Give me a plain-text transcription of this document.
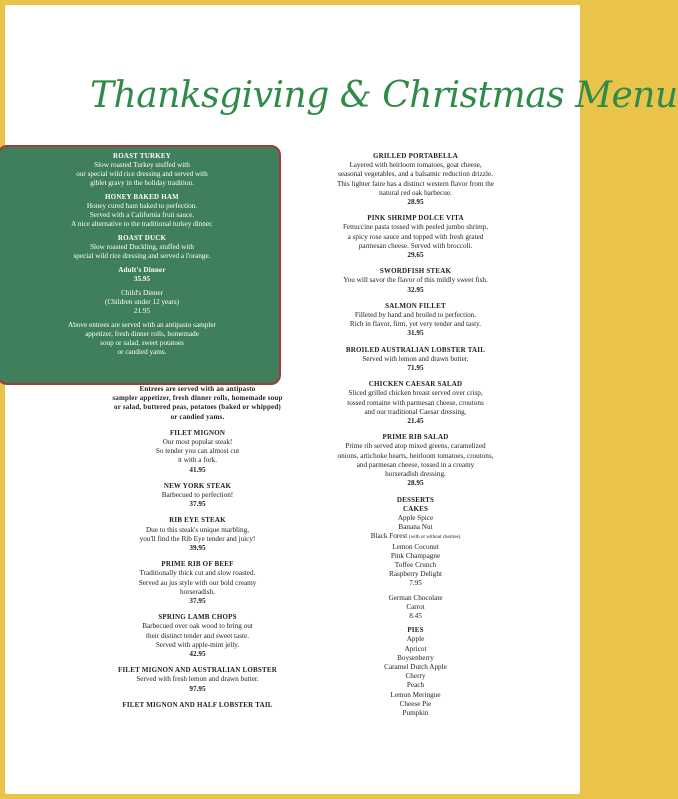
Thanksgiving & Christmas Menu
ROAST TURKEY
Slow roasted Turkey stuffed with
our special wild rice dressing and served with
giblet gravy in the holiday tradition.
HONEY BAKED HAM
Honey cured ham baked to perfection.
Served with a California fruit sauce.
A nice alternative to the traditional turkey dinner.
ROAST DUCK
Slow roasted Duckling, stuffed with
special wild rice dressing and served a l'orange.
Adult's Dinner
35.95
Child's Dinner
(Children under 12 years)
21.95
Above entrees are served with an antipasto sampler
appetizer, fresh dinner rolls, homemade
soup or salad, sweet potatoes
or candied yams.
Entrees are served with an antipasto
sampler appetizer, fresh dinner rolls, homemade soup
or salad, buttered peas, potatoes (baked or whipped)
or candied yams.
FILET MIGNON
Our most popular steak!
So tender you can almost cut
it with a fork.
41.95
NEW YORK STEAK
Barbecued to perfection!
37.95
RIB EYE STEAK
Due to this steak's unique marbling,
you'll find the Rib Eye tender and juicy!
39.95
PRIME RIB OF BEEF
Traditionally thick cut and slow roasted.
Served au jus style with our bold creamy
horseradish.
37.95
SPRING LAMB CHOPS
Barbecued over oak wood to bring out
their distinct tender and sweet taste.
Served with apple-mint jelly.
42.95
FILET MIGNON AND AUSTRALIAN LOBSTER
Served with fresh lemon and drawn butter.
97.95
FILET MIGNON AND HALF LOBSTER TAIL
GRILLED PORTABELLA
Layered with heirloom tomatoes, goat cheese,
seasonal vegetables, and a balsamic reduction drizzle.
This lighter faire has a distinct western flavor from the
natural red oak barbecue.
28.95
PINK SHRIMP DOLCE VITA
Fettuccine pasta tossed with peeled jumbo shrimp,
a spicy rose sauce and topped with fresh grated
parmesan cheese. Served with broccoli.
29.65
SWORDFISH STEAK
You will savor the flavor of this mildly sweet fish.
32.95
SALMON FILLET
Filleted by hand and broiled to perfection.
Rich in flavor, firm, yet very tender and tasty.
31.95
BROILED AUSTRALIAN LOBSTER TAIL
Served with lemon and drawn butter.
71.95
CHICKEN CAESAR SALAD
Sliced grilled chicken breast served over crisp,
tossed romaine with parmesan cheese, croutons
and our traditional Caesar dressing.
21.45
PRIME RIB SALAD
Prime rib served atop mixed greens, caramelized
onions, artichoke hearts, heirloom tomatoes, croutons,
and parmesan cheese, tossed in a creamy
horseradish dressing.
28.95
DESSERTS
CAKES
Apple Spice
Banana Nut
Black Forest (with or without cherries)
Lemon Coconut
Pink Champagne
Toffee Crunch
Raspberry Delight
7.95
German Chocolate
Carrot
8.45
PIES
Apple
Apricot
Boysenberry
Caramel Dutch Apple
Cherry
Peach
Lemon Meringue
Cheese Pie
Pumpkin
